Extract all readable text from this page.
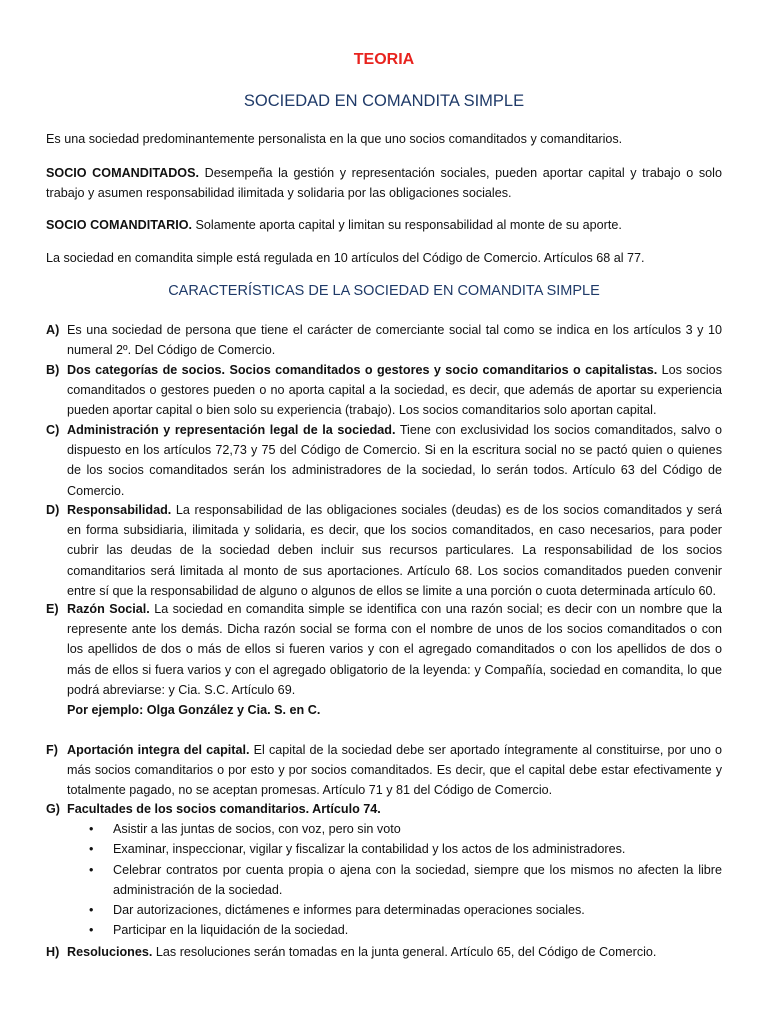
TEORIA
SOCIEDAD EN COMANDITA SIMPLE
Es una sociedad predominantemente personalista en la que uno socios comanditados y comanditarios.
SOCIO COMANDITADOS. Desempeña la gestión y representación sociales, pueden aportar capital y trabajo o solo trabajo y asumen responsabilidad ilimitada y solidaria por las obligaciones sociales.
SOCIO COMANDITARIO. Solamente aporta capital y limitan su responsabilidad al monte de su aporte.
La sociedad en comandita simple está regulada en 10 artículos del Código de Comercio. Artículos 68 al 77.
CARACTERÍSTICAS DE LA SOCIEDAD EN COMANDITA SIMPLE
A) Es una sociedad de persona que tiene el carácter de comerciante social tal como se indica en los artículos 3 y 10 numeral 2º. Del Código de Comercio.
B) Dos categorías de socios. Socios comanditados o gestores y socio comanditarios o capitalistas. Los socios comanditados o gestores pueden o no aporta capital a la sociedad, es decir, que además de aportar su experiencia pueden aportar capital o bien solo su experiencia (trabajo). Los socios comanditarios solo aportan capital.
C) Administración y representación legal de la sociedad. Tiene con exclusividad los socios comanditados, salvo o dispuesto en los artículos 72,73 y 75 del Código de Comercio. Si en la escritura social no se pactó quien o quienes de los socios comanditados serán los administradores de la sociedad, lo serán todos. Artículo 63 del Código de Comercio.
D) Responsabilidad. La responsabilidad de las obligaciones sociales (deudas) es de los socios comanditados y será en forma subsidiaria, ilimitada y solidaria, es decir, que los socios comanditados, en caso necesarios, para poder cubrir las deudas de la sociedad deben incluir sus recursos particulares. La responsabilidad de los socios comanditarios será limitada al monto de sus aportaciones. Artículo 68. Los socios comanditados pueden convenir entre sí que la responsabilidad de alguno o algunos de ellos se limite a una porción o cuota determinada artículo 60.
E) Razón Social. La sociedad en comandita simple se identifica con una razón social; es decir con un nombre que la represente ante los demás. Dicha razón social se forma con el nombre de unos de los socios comanditados o con los apellidos de dos o más de ellos si fueren varios y con el agregado comanditados o con los apellidos de dos o más de ellos si fuera varios y con el agregado obligatorio de la leyenda: y Compañía, sociedad en comandita, lo que podrá abreviarse: y Cia. S.C. Artículo 69.
Por ejemplo: Olga González y Cia. S. en C.
F) Aportación integra del capital. El capital de la sociedad debe ser aportado íntegramente al constituirse, por uno o más socios comanditarios o por esto y por socios comanditados. Es decir, que el capital debe estar efectivamente y totalmente pagado, no se aceptan promesas. Artículo 71 y 81 del Código de Comercio.
G) Facultades de los socios comanditarios. Artículo 74.
• Asistir a las juntas de socios, con voz, pero sin voto
• Examinar, inspeccionar, vigilar y fiscalizar la contabilidad y los actos de los administradores.
• Celebrar contratos por cuenta propia o ajena con la sociedad, siempre que los mismos no afecten la libre administración de la sociedad.
• Dar autorizaciones, dictámenes e informes para determinadas operaciones sociales.
• Participar en la liquidación de la sociedad.
H) Resoluciones. Las resoluciones serán tomadas en la junta general. Artículo 65, del Código de Comercio.
